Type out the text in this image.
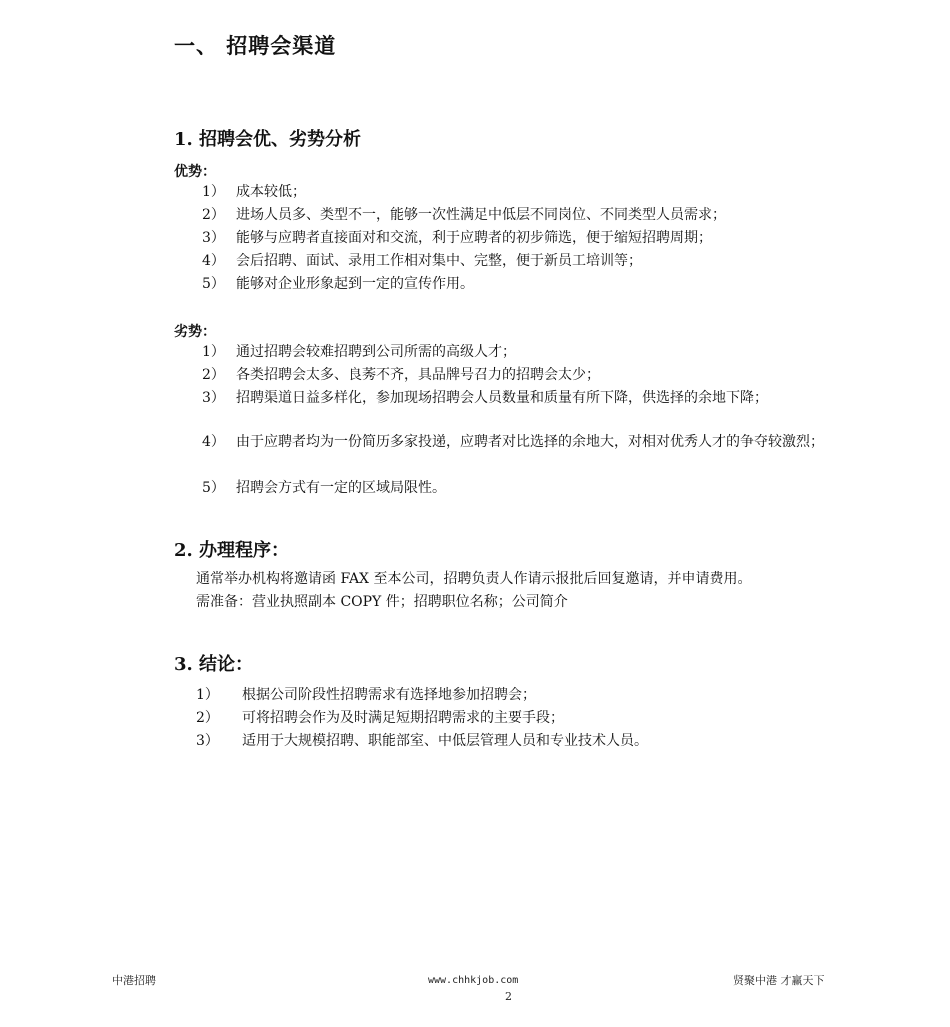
一、 招聘会渠道
1. 招聘会优、劣势分析
优势：
1） 成本较低；
2） 进场人员多、类型不一，能够一次性满足中低层不同岗位、不同类型人员需求；
3） 能够与应聘者直接面对和交流，利于应聘者的初步筛选，便于缩短招聘周期；
4） 会后招聘、面试、录用工作相对集中、完整，便于新员工培训等；
5） 能够对企业形象起到一定的宣传作用。
劣势：
1） 通过招聘会较难招聘到公司所需的高级人才；
2） 各类招聘会太多、良莠不齐，具品牌号召力的招聘会太少；
3） 招聘渠道日益多样化，参加现场招聘会人员数量和质量有所下降，供选择的余地下降；
4） 由于应聘者均为一份简历多家投递，应聘者对比选择的余地大，对相对优秀人才的争夺较激烈；
5） 招聘会方式有一定的区域局限性。
2. 办理程序：
通常举办机构将邀请函 FAX 至本公司，招聘负责人作请示报批后回复邀请，并申请费用。
需准备：营业执照副本 COPY 件；招聘职位名称；公司简介
3. 结论：
1） 根据公司阶段性招聘需求有选择地参加招聘会；
2） 可将招聘会作为及时满足短期招聘需求的主要手段；
3） 适用于大规模招聘、职能部室、中低层管理人员和专业技术人员。
中港招聘	www.chhkjob.com	贤聚中港 才赢天下
2
